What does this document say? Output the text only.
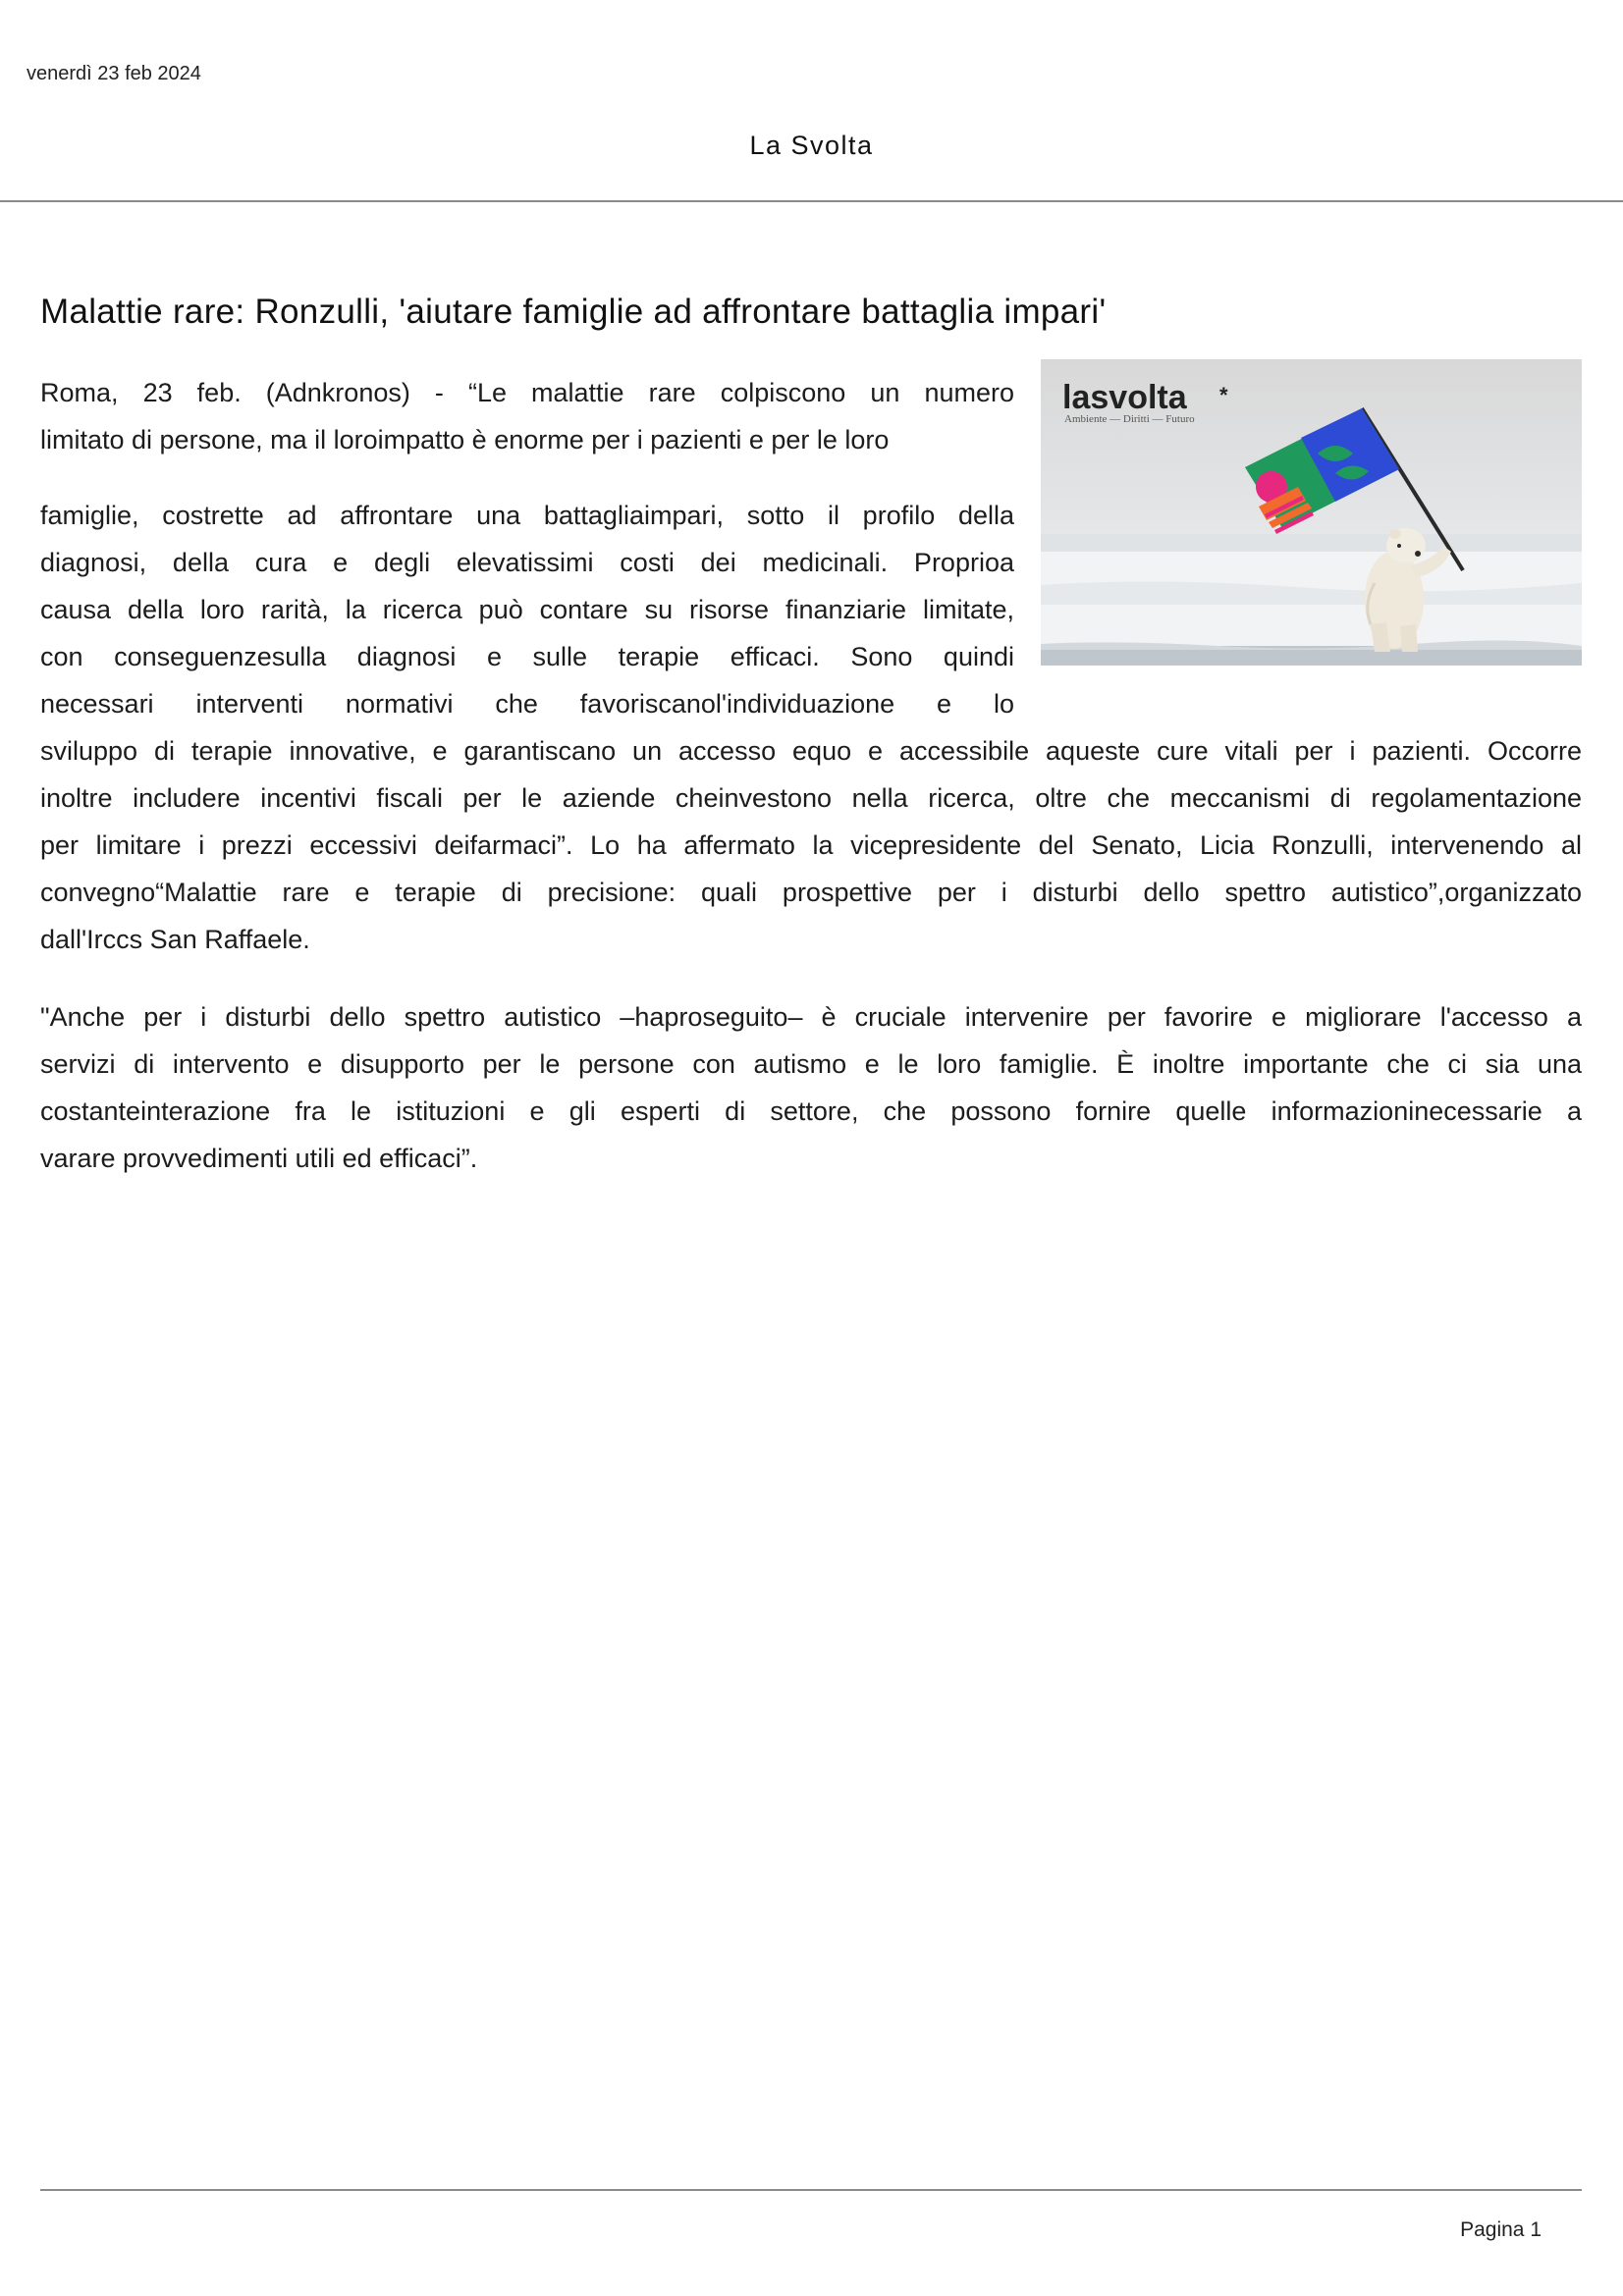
venerdì 23 feb 2024
La Svolta
Malattie rare: Ronzulli, 'aiutare famiglie ad affrontare battaglia impari'
lasvolta *
Ambiente — Diritti — Futuro
Roma, 23 feb. (Adnkronos) - “Le malattie rare colpiscono un numero
limitato di persone, ma il loroimpatto è enorme per i pazienti e per le loro
famiglie, costrette ad affrontare una battagliaimpari, sotto il profilo della
diagnosi, della cura e degli elevatissimi costi dei medicinali. Proprioa
causa della loro rarità, la ricerca può contare su risorse finanziarie limitate,
con conseguenzesulla diagnosi e sulle terapie efficaci. Sono quindi
necessari interventi normativi che favoriscanol'individuazione e lo
sviluppo di terapie innovative, e garantiscano un accesso equo e accessibile aqueste cure vitali per i pazienti. Occorre
inoltre includere incentivi fiscali per le aziende cheinvestono nella ricerca, oltre che meccanismi di regolamentazione
per limitare i prezzi eccessivi deifarmaci”. Lo ha affermato la vicepresidente del Senato, Licia Ronzulli, intervenendo al
convegno“Malattie rare e terapie di precisione: quali prospettive per i disturbi dello spettro autistico”,organizzato
dall'Irccs San Raffaele.
"Anche per i disturbi dello spettro autistico –haproseguito– è cruciale intervenire per favorire e migliorare l'accesso a
servizi di intervento e disupporto per le persone con autismo e le loro famiglie. È inoltre importante che ci sia una
costanteinterazione fra le istituzioni e gli esperti di settore, che possono fornire quelle informazioninecessarie a
varare provvedimenti utili ed efficaci”.
Pagina 1
